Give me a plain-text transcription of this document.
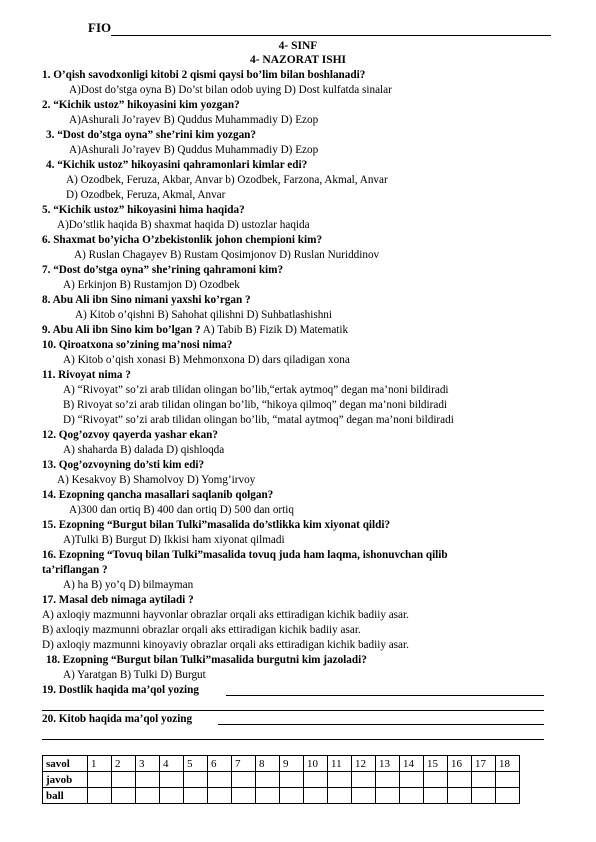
FIO
4- SINF
4- NAZORAT ISHI
1. O’qish savodxonligi kitobi 2 qismi qaysi bo’lim bilan boshlanadi?
A)Dost do’stga oyna B) Do’st bilan odob uying D) Dost kulfatda sinalar
2. “Kichik ustoz” hikoyasini kim yozgan?
A)Ashurali Jo’rayev B) Quddus Muhammadiy D) Ezop
3. “Dost do’stga oyna” she’rini kim yozgan?
A)Ashurali Jo’rayev B) Quddus Muhammadiy D) Ezop
4. “Kichik ustoz” hikoyasini qahramonlari kimlar edi?
A) Ozodbek, Feruza, Akbar, Anvar b) Ozodbek, Farzona, Akmal, Anvar
D) Ozodbek, Feruza, Akmal, Anvar
5. “Kichik ustoz” hikoyasini hima haqida?
A)Do’stlik haqida B) shaxmat haqida D) ustozlar haqida
6. Shaxmat bo’yicha O’zbekistonlik johon chempioni kim?
A) Ruslan Chagayev B) Rustam Qosimjonov D) Ruslan Nuriddinov
7. “Dost do’stga oyna” she’rining qahramoni kim?
A) Erkinjon B) Rustamjon D) Ozodbek
8. Abu Ali ibn Sino nimani yaxshi ko’rgan ?
A) Kitob o’qishni B) Sahohat qilishni D) Suhbatlashishni
9. Abu Ali ibn Sino kim bo’lgan ? A) Tabib B) Fizik D) Matematik
10. Qiroatxona so’zining ma’nosi nima?
A) Kitob o’qish xonasi B) Mehmonxona D) dars qiladigan xona
11. Rivoyat nima ?
A) “Rivoyat” so’zi arab tilidan olingan bo’lib,“ertak aytmoq” degan ma’noni bildiradi
B) Rivoyat so’zi arab tilidan olingan bo’lib, “hikoya qilmoq” degan ma’noni bildiradi
D) “Rivoyat” so’zi arab tilidan olingan bo’lib, “matal aytmoq” degan ma’noni bildiradi
12. Qog’ozvoy qayerda yashar ekan?
A) shaharda B) dalada D) qishloqda
13. Qog’ozvoyning do’sti kim edi?
A) Kesakvoy B) Shamolvoy D) Yomg’irvoy
14. Ezopning qancha masallari saqlanib qolgan?
A)300 dan ortiq B) 400 dan ortiq D) 500 dan ortiq
15. Ezopning “Burgut bilan Tulki”masalida do’stlikka kim xiyonat qildi?
A)Tulki B) Burgut D) Ikkisi ham xiyonat qilmadi
16. Ezopning “Tovuq bilan Tulki”masalida tovuq juda ham laqma, ishonuvchan qilib
ta’riflangan ?
A) ha B) yo’q D) bilmayman
17. Masal deb nimaga aytiladi ?
A) axloqiy mazmunni hayvonlar obrazlar orqali aks ettiradigan kichik badiiy asar.
B) axloqiy mazmunni obrazlar orqali aks ettiradigan kichik badiiy asar.
D) axloqiy mazmunni kinoyaviy obrazlar orqali aks ettiradigan kichik badiiy asar.
18. Ezopning “Burgut bilan Tulki”masalida burgutni kim jazoladi?
A) Yaratgan B) Tulki D) Burgut
19. Dostlik haqida ma’qol yozing
20. Kitob haqida ma’qol yozing
savol	1	2	3	4	5	6	7	8	9	10	11	12	13	14	15	16	17	18
javob																		
ball																		
